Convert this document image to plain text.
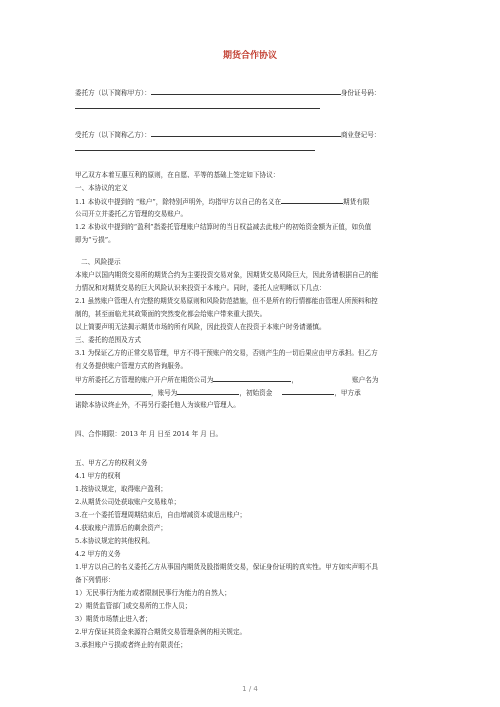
期货合作协议
委托方（以下简称甲方）：	身份证号码：
受托方（以下简称乙方）：	商业登记号：
甲乙双方本着互惠互利的原则，在自愿、平等的基础上签定如下协议：
一、本协议的定义
1.1 本协议中提到的 “账户”，除特别声明外，均指甲方以自己的名义在	期货有限
公司开立并委托乙方管理的交易账户。
1.2 本协议中提到的“盈利”指委托管理账户结算时的当日权益减去此账户的初始资金额为正值，如负值
即为“亏损”。
二、风险提示
本账户以国内期货交易所的期货合约为主要投资交易对象，因期货交易风险巨大，因此务请根据自己的能
力情况和对期货交易的巨大风险认识来投资于本账户。同时，委托人应明晰以下几点：
2.1 虽然账户管理人有完整的期货交易原则和风险防范措施，但不是所有的行情都能由管理人所预料和控
制的，甚至面临尤其政策面的突然变化都会给账户带来重大损失。
以上简要声明无法揭示期货市场的所有风险，因此投资人在投资于本账户时务请谨慎。
三、委托的范围及方式
3.1 为保证乙方的正常交易管理，甲方不得干预账户的交易，否则产生的一切后果应由甲方承担。但乙方
有义务提供账户管理方式的咨询服务。
甲方所委托乙方管理的账户开户所在期货公司为	，	账户名为
，账号为	，初始资金	，甲方承
诺除本协议终止外，不再另行委托他人为该账户管理人。
四、合作期限：2013 年 月 日至 2014 年 月 日。
五、甲方乙方的权利义务
4.1 甲方的权利
1.按协议规定，取得账户盈利；
2.从期货公司处获取账户交易账单；
3.在一个委托管理周期结束后，自由增减资本或退出账户；
4.获取账户清算后的剩余资产；
5.本协议规定的其他权利。
4.2 甲方的义务
1.甲方以自己的名义委托乙方从事国内期货及股指期货交易，保证身份证明的真实性。甲方如实声明不具
备下列情形：
1）无民事行为能力或者限制民事行为能力的自然人；
2）期货监管部门或交易所的工作人员；
3）期货市场禁止进入者；
2.甲方保证其资金来源符合期货交易管理条例的相关规定。
3.承担账户亏损或者终止的有限责任；
1 / 4
